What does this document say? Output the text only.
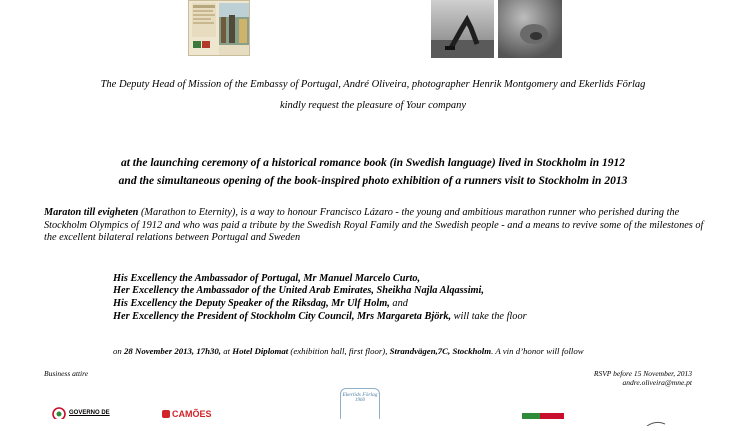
The Deputy Head of Mission of the Embassy of Portugal, André Oliveira, photographer Henrik Montgomery and Ekerlids Förlag
kindly request the pleasure of Your company
at the launching ceremony of a historical romance book (in Swedish language) lived in Stockholm in 1912
and the simultaneous opening of the book-inspired photo exhibition of a runners visit to Stockholm in 2013
Maraton till evigheten (Marathon to Eternity), is a way to honour Francisco Lázaro - the young and ambitious marathon runner who perished during the Stockholm Olympics of 1912 and who was paid a tribute by the Swedish Royal Family and the Swedish people - and a means to revive some of the milestones of the excellent bilateral relations between Portugal and Sweden
His Excellency the Ambassador of Portugal, Mr Manuel Marcelo Curto,
Her Excellency the Ambassador of the United Arab Emirates, Sheikha Najla Alqassimi,
His Excellency the Deputy Speaker of the Riksdag, Mr Ulf Holm, and
Her Excellency the President of Stockholm City Council, Mrs Margareta Björk, will take the floor
on 28 November 2013, 17h30, at Hotel Diplomat (exhibition hall, first floor), Strandvägen,7C, Stockholm. A vin d’honor will follow
Business attire	RSVP before 15 November, 2013
andre.oliveira@mne.pt
GOVERNO DE	CAMÕES
Ekerlids Förlag
1960
